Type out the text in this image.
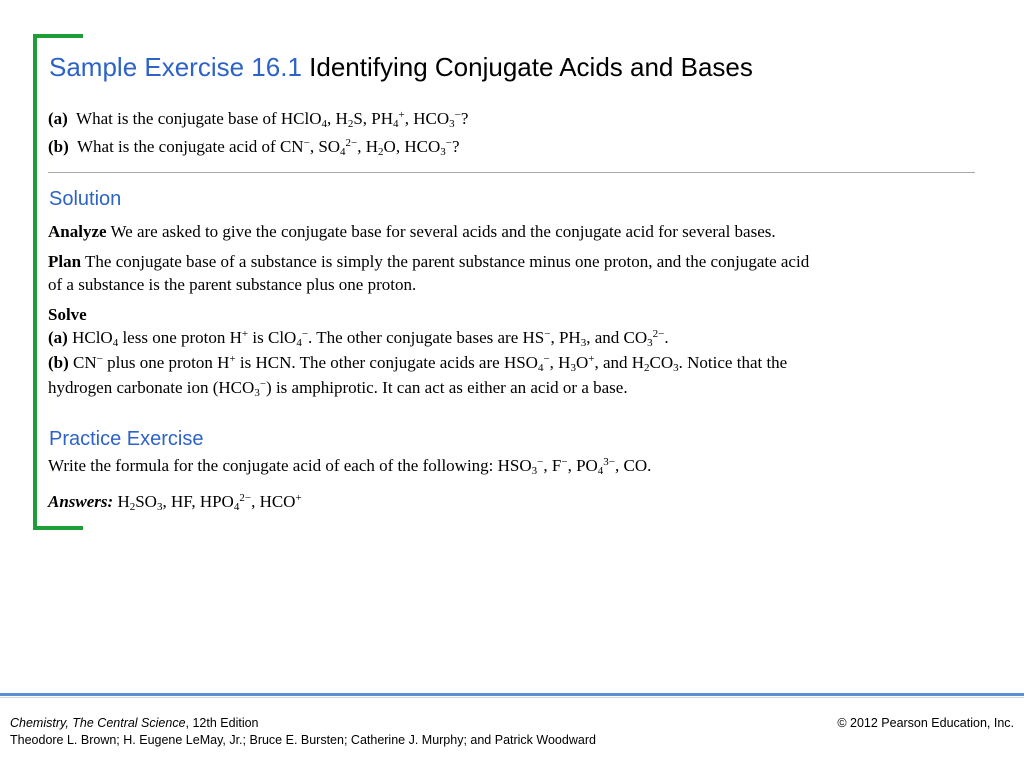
Sample Exercise 16.1 Identifying Conjugate Acids and Bases
(a) What is the conjugate base of HClO$_4$, $H_2S$, $PH_4^+$, $HCO_3^-$?
(b) What is the conjugate acid of CN−, $SO_4^{2-}$, $H_2O$, $HCO_3^-$?
Solution
Analyze We are asked to give the conjugate base for several acids and the conjugate acid for several bases.
Plan The conjugate base of a substance is simply the parent substance minus one proton, and the conjugate acid
of a substance is the parent substance plus one proton.
Solve
(a) HClO$_4$ less one proton H+ is ClO$_4$−. The other conjugate bases are HS−, $PH_3$, and $CO_3^{2-}$.
(b) CN− plus one proton H+ is HCN. The other conjugate acids are $HSO_4^-$, $H_3O^+$, and $H_2CO_3$. Notice that the
hydrogen carbonate ion $(HCO_3^-)$ is amphiprotic. It can act as either an acid or a base.
Practice Exercise
Write the formula for the conjugate acid of each of the following: $HSO_3^-$, F−, $PO_4^{3-}$, CO.
Answers: $H_2SO_3$, HF, $HPO_4^{2-}$, HCO+
Chemistry, The Central Science, 12th Edition
Theodore L. Brown; H. Eugene LeMay, Jr.; Bruce E. Bursten; Catherine J. Murphy; and Patrick Woodward
© 2012 Pearson Education, Inc.
